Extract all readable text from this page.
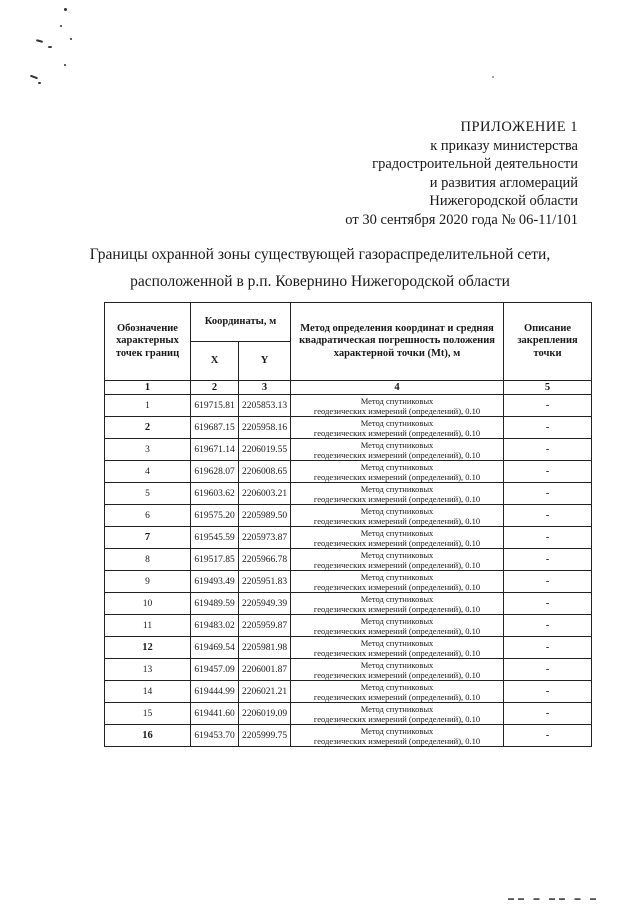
ПРИЛОЖЕНИЕ 1
к приказу министерства
градостроительной деятельности
и развития агломераций
Нижегородской области
от 30 сентября 2020 года № 06-11/101
Границы охранной зоны существующей газораспределительной сети,
расположенной в р.п. Ковернино Нижегородской области
Обозначение характерных точек границ	Координаты, м		Метод определения координат и средняя квадратическая погрешность положения характерной точки (Mt), м	Описание закрепления точки
	X	Y		
1	2	3	4	5
1	619715.81	2205853.13	Метод спутниковых
геодезических измерений (определений), 0.10	-
2	619687.15	2205958.16	Метод спутниковых
геодезических измерений (определений), 0.10	-
3	619671.14	2206019.55	Метод спутниковых
геодезических измерений (определений), 0.10	-
4	619628.07	2206008.65	Метод спутниковых
геодезических измерений (определений), 0.10	-
5	619603.62	2206003.21	Метод спутниковых
геодезических измерений (определений), 0.10	-
6	619575.20	2205989.50	Метод спутниковых
геодезических измерений (определений), 0.10	-
7	619545.59	2205973.87	Метод спутниковых
геодезических измерений (определений), 0.10	-
8	619517.85	2205966.78	Метод спутниковых
геодезических измерений (определений), 0.10	-
9	619493.49	2205951.83	Метод спутниковых
геодезических измерений (определений), 0.10	-
10	619489.59	2205949.39	Метод спутниковых
геодезических измерений (определений), 0.10	-
11	619483.02	2205959.87	Метод спутниковых
геодезических измерений (определений), 0.10	-
12	619469.54	2205981.98	Метод спутниковых
геодезических измерений (определений), 0.10	-
13	619457.09	2206001.87	Метод спутниковых
геодезических измерений (определений), 0.10	-
14	619444.99	2206021.21	Метод спутниковых
геодезических измерений (определений), 0.10	-
15	619441.60	2206019.09	Метод спутниковых
геодезических измерений (определений), 0.10	-
16	619453.70	2205999.75	Метод спутниковых
геодезических измерений (определений), 0.10	-
▬▬ ▬ ▬▬ ▬ ▬
